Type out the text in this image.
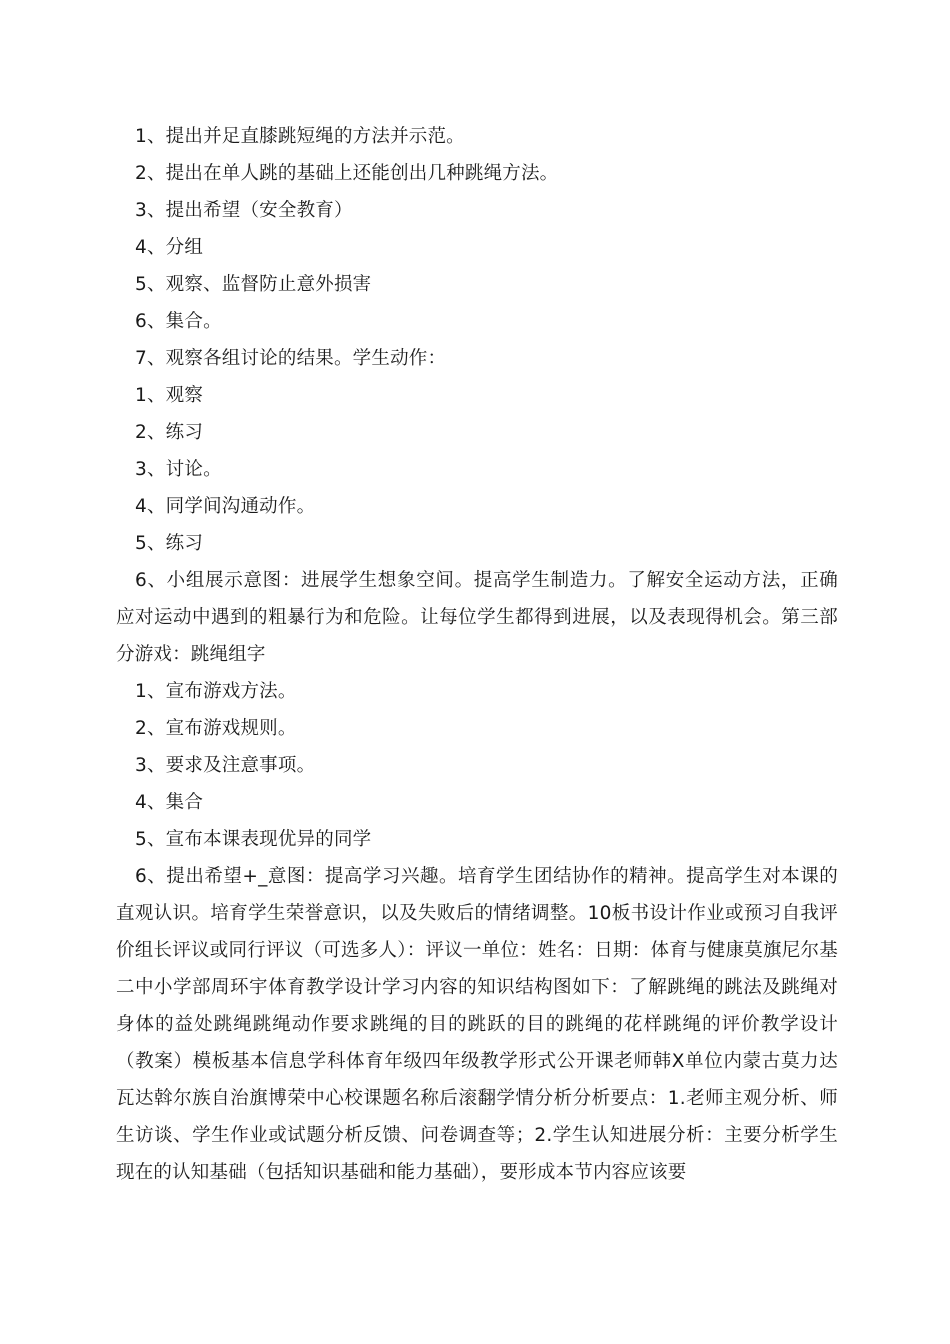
1、提出并足直膝跳短绳的方法并示范。
2、提出在单人跳的基础上还能创出几种跳绳方法。
3、提出希望（安全教育）
4、分组
5、观察、监督防止意外损害
6、集合。
7、观察各组讨论的结果。学生动作：
1、观察
2、练习
3、讨论。
4、同学间沟通动作。
5、练习
6、小组展示意图：进展学生想象空间。提高学生制造力。了解安全运动方法，正确应对运动中遇到的粗暴行为和危险。让每位学生都得到进展，以及表现得机会。第三部分游戏：跳绳组字
1、宣布游戏方法。
2、宣布游戏规则。
3、要求及注意事项。
4、集合
5、宣布本课表现优异的同学
6、提出希望+_意图：提高学习兴趣。培育学生团结协作的精神。提高学生对本课的直观认识。培育学生荣誉意识，以及失败后的情绪调整。10板书设计作业或预习自我评价组长评议或同行评议（可选多人）：评议一单位：姓名：日期：体育与健康莫旗尼尔基二中小学部周环宇体育教学设计学习内容的知识结构图如下：了解跳绳的跳法及跳绳对身体的益处跳绳跳绳动作要求跳绳的目的跳跃的目的跳绳的花样跳绳的评价教学设计（教案）模板基本信息学科体育年级四年级教学形式公开课老师韩X单位内蒙古莫力达瓦达斡尔族自治旗博荣中心校课题名称后滚翻学情分析分析要点：1.老师主观分析、师生访谈、学生作业或试题分析反馈、问卷调查等；2.学生认知进展分析：主要分析学生现在的认知基础（包括知识基础和能力基础），要形成本节内容应该要
